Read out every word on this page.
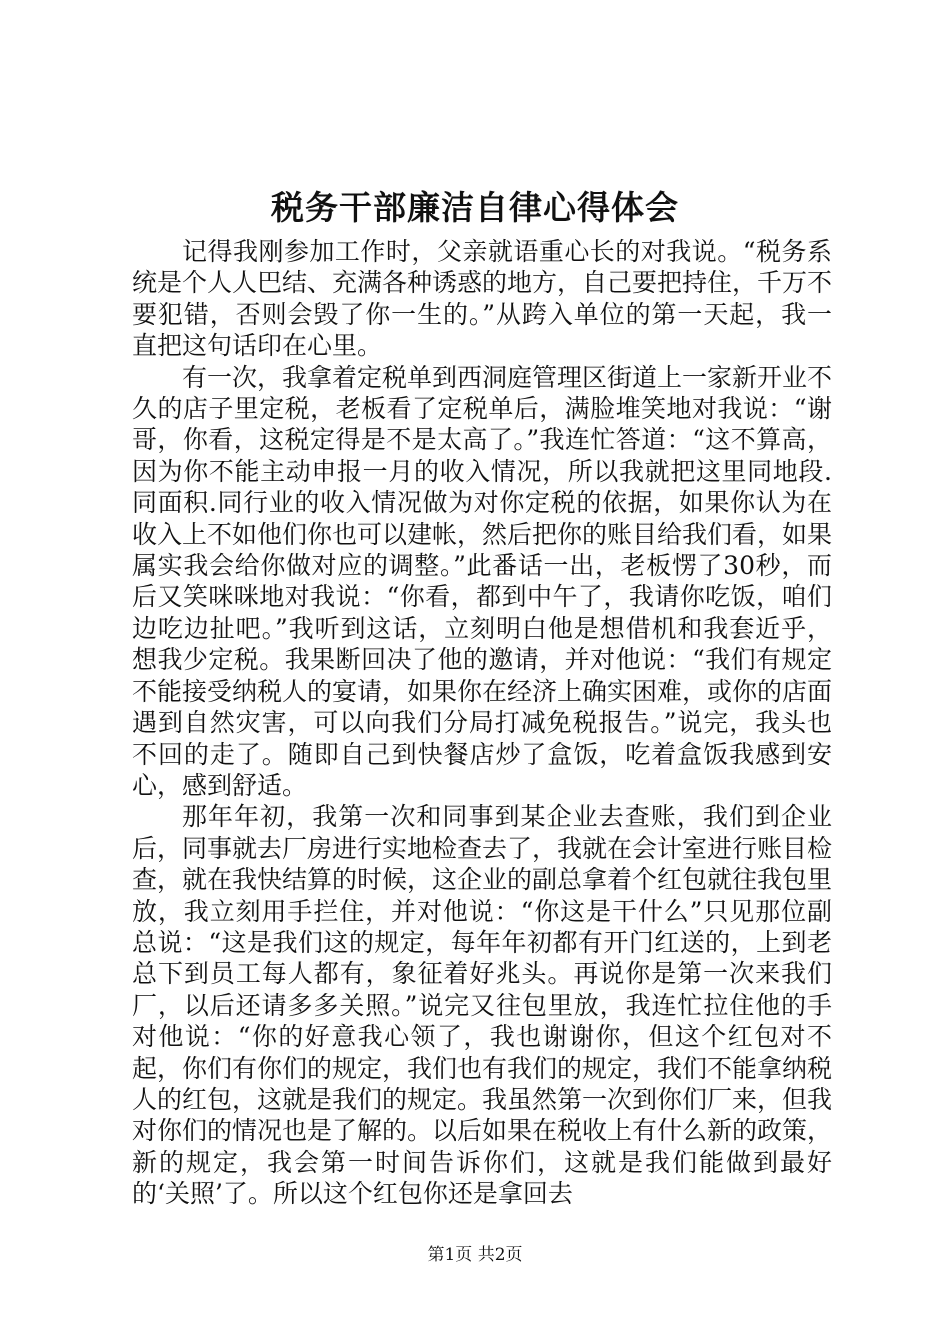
税务干部廉洁自律心得体会

记得我刚参加工作时，父亲就语重心长的对我说。“税务系统是个人人巴结、充满各种诱惑的地方，自己要把持住，千万不要犯错，否则会毁了你一生的。”从跨入单位的第一天起，我一直把这句话印在心里。

有一次，我拿着定税单到西洞庭管理区街道上一家新开业不久的店子里定税，老板看了定税单后，满脸堆笑地对我说：“谢哥，你看，这税定得是不是太高了。”我连忙答道：“这不算高，因为你不能主动申报一月的收入情况，所以我就把这里同地段.同面积.同行业的收入情况做为对你定税的依据，如果你认为在收入上不如他们你也可以建帐，然后把你的账目给我们看，如果属实我会给你做对应的调整。”此番话一出，老板愣了30秒，而后又笑咪咪地对我说：“你看，都到中午了，我请你吃饭，咱们边吃边扯吧。”我听到这话，立刻明白他是想借机和我套近乎，想我少定税。我果断回决了他的邀请，并对他说：“我们有规定不能接受纳税人的宴请，如果你在经济上确实困难，或你的店面遇到自然灾害，可以向我们分局打减免税报告。”说完，我头也不回的走了。随即自己到快餐店炒了盒饭，吃着盒饭我感到安心，感到舒适。

那年年初，我第一次和同事到某企业去查账，我们到企业后，同事就去厂房进行实地检查去了，我就在会计室进行账目检查，就在我快结算的时候，这企业的副总拿着个红包就往我包里放，我立刻用手拦住，并对他说：“你这是干什么”只见那位副总说：“这是我们这的规定，每年年初都有开门红送的，上到老总下到员工每人都有，象征着好兆头。再说你是第一次来我们厂，以后还请多多关照。”说完又往包里放，我连忙拉住他的手对他说：“你的好意我心领了，我也谢谢你，但这个红包对不起，你们有你们的规定，我们也有我们的规定，我们不能拿纳税人的红包，这就是我们的规定。我虽然第一次到你们厂来，但我对你们的情况也是了解的。以后如果在税收上有什么新的政策，新的规定，我会第一时间告诉你们，这就是我们能做到最好的‘关照’了。所以这个红包你还是拿回去

第1页 共2页
